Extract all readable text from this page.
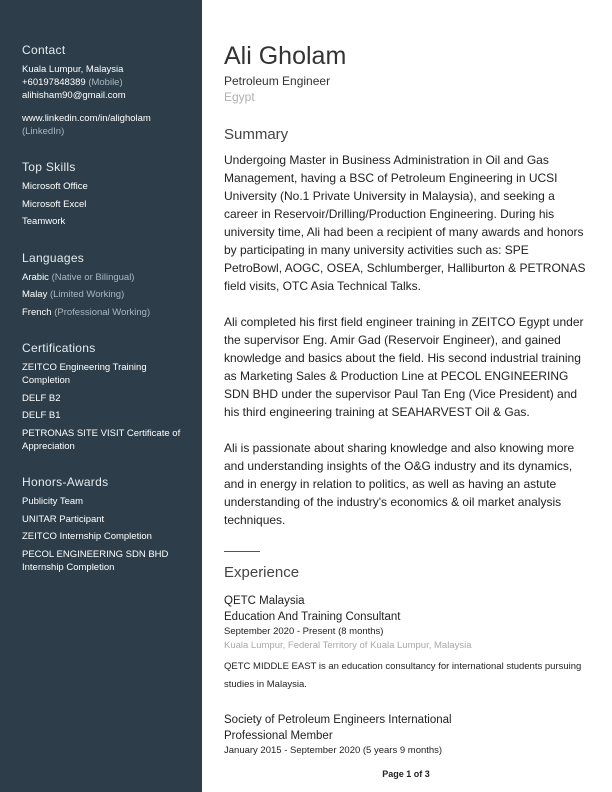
Contact

Kuala Lumpur, Malaysia

+60197848389 (Mobile)

alihisham90@gmail.com

www.linkedin.com/in/aligholam

(LinkedIn)

Top Skills

Microsoft Office

Microsoft Excel

Teamwork

Languages

Arabic (Native or Bilingual)

Malay (Limited Working)

French (Professional Working)

Certifications

ZEITCO Engineering Training Completion

DELF B2

DELF B1

PETRONAS SITE VISIT Certificate of Appreciation

Honors-Awards

Publicity Team

UNITAR Participant

ZEITCO Internship Completion

PECOL ENGINEERING SDN BHD Internship Completion

Ali Gholam
Petroleum Engineer
Egypt
Summary

Undergoing Master in Business Administration in Oil and Gas Management, having a BSC of Petroleum Engineering in UCSI University (No.1 Private University in Malaysia), and seeking a career in Reservoir/Drilling/Production Engineering. During his university time, Ali had been a recipient of many awards and honors by participating in many university activities such as: SPE PetroBowl, AOGC, OSEA, Schlumberger, Halliburton & PETRONAS field visits, OTC Asia Technical Talks.

Ali completed his first field engineer training in ZEITCO Egypt under the supervisor Eng. Amir Gad (Reservoir Engineer), and gained knowledge and basics about the field. His second industrial training as Marketing Sales & Production Line at PECOL ENGINEERING SDN BHD under the supervisor Paul Tan Eng (Vice President) and his third engineering training at SEAHARVEST Oil & Gas.

Ali is passionate about sharing knowledge and also knowing more and understanding insights of the O&G industry and its dynamics, and in energy in relation to politics, as well as having an astute understanding of the industry's economics & oil market analysis techniques.

Experience
QETC Malaysia
Education And Training Consultant
September 2020 - Present (8 months)
Kuala Lumpur, Federal Territory of Kuala Lumpur, Malaysia
QETC MIDDLE EAST is an education consultancy for international students pursuing studies in Malaysia.
Society of Petroleum Engineers International
Professional Member
January 2015 - September 2020 (5 years 9 months)
Page 1 of 3
